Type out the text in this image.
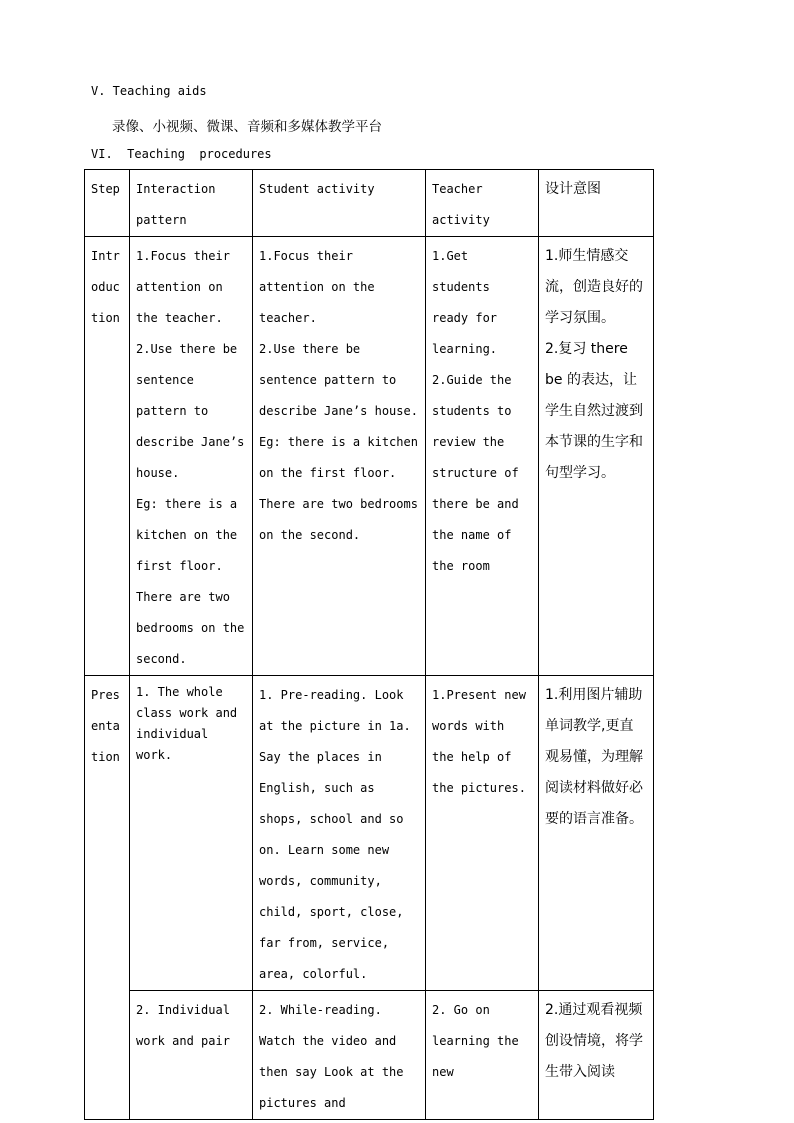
V. Teaching aids
录像、小视频、微课、音频和多媒体教学平台
VI.  Teaching  procedures
Step	Interaction pattern	Student activity	Teacher activity	设计意图
Introduction	1.Focus their attention on the teacher.
2.Use there be sentence pattern to describe Jane’s house.
Eg: there is a kitchen on the first floor. There are two bedrooms on the second.	1.Focus their attention on the teacher.
2.Use there be sentence pattern to describe Jane’s house.
Eg: there is a kitchen on the first floor. There are two bedrooms on the second.	1.Get students ready for learning.
2.Guide the students to review the structure of there be and the name of the room	1.师生情感交流，创造良好的学习氛围。
2.复习 there be 的表达，让学生自然过渡到本节课的生字和句型学习。

Presentation	1. The whole class work and individual work.	1. Pre-reading. Look at the picture in 1a. Say the places in English, such as shops, school and so on. Learn some new words, community, child, sport, close, far from, service, area, colorful.	1.Present new words with the help of the pictures.	1.利用图片辅助单词教学,更直观易懂，为理解阅读材料做好必要的语言准备。
	2. Individual work and pair	2. While-reading. Watch the video and then say Look at the pictures and	2. Go on learning the new	2.通过观看视频创设情境，将学生带入阅读
